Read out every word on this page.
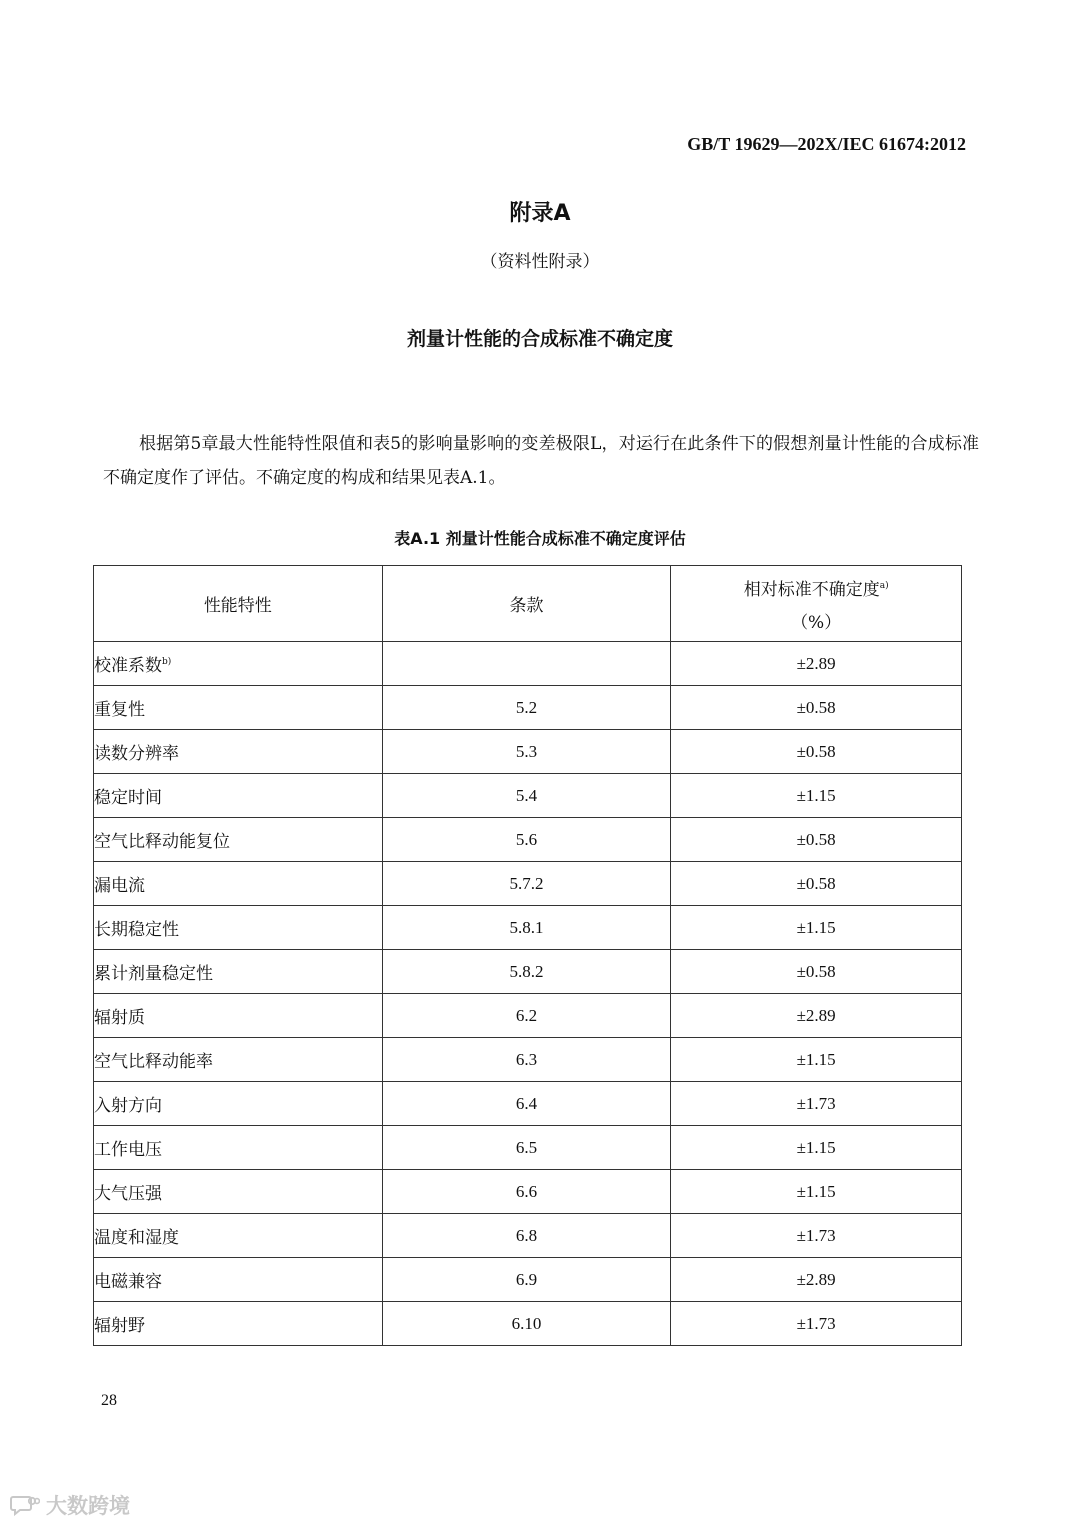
GB/T 19629—202X/IEC 61674:2012
附录A
（资料性附录）
剂量计性能的合成标准不确定度

根据第5章最大性能特性限值和表5的影响量影响的变差极限L，对运行在此条件下的假想剂量计性能的合成标准不确定度作了评估。不确定度的构成和结果见表A.1。

表A.1 剂量计性能合成标准不确定度评估
性能特性	条款	相对标准不确定度$^{a)}$
（%）

校准系数$^{b)}$		±2.89
重复性	5.2	±0.58
读数分辨率	5.3	±0.58
稳定时间	5.4	±1.15
空气比释动能复位	5.6	±0.58
漏电流	5.7.2	±0.58
长期稳定性	5.8.1	±1.15
累计剂量稳定性	5.8.2	±0.58
辐射质	6.2	±2.89
空气比释动能率	6.3	±1.15
入射方向	6.4	±1.73
工作电压	6.5	±1.15
大气压强	6.6	±1.15
温度和湿度	6.8	±1.73
电磁兼容	6.9	±2.89
辐射野	6.10	±1.73
28
大数跨境
